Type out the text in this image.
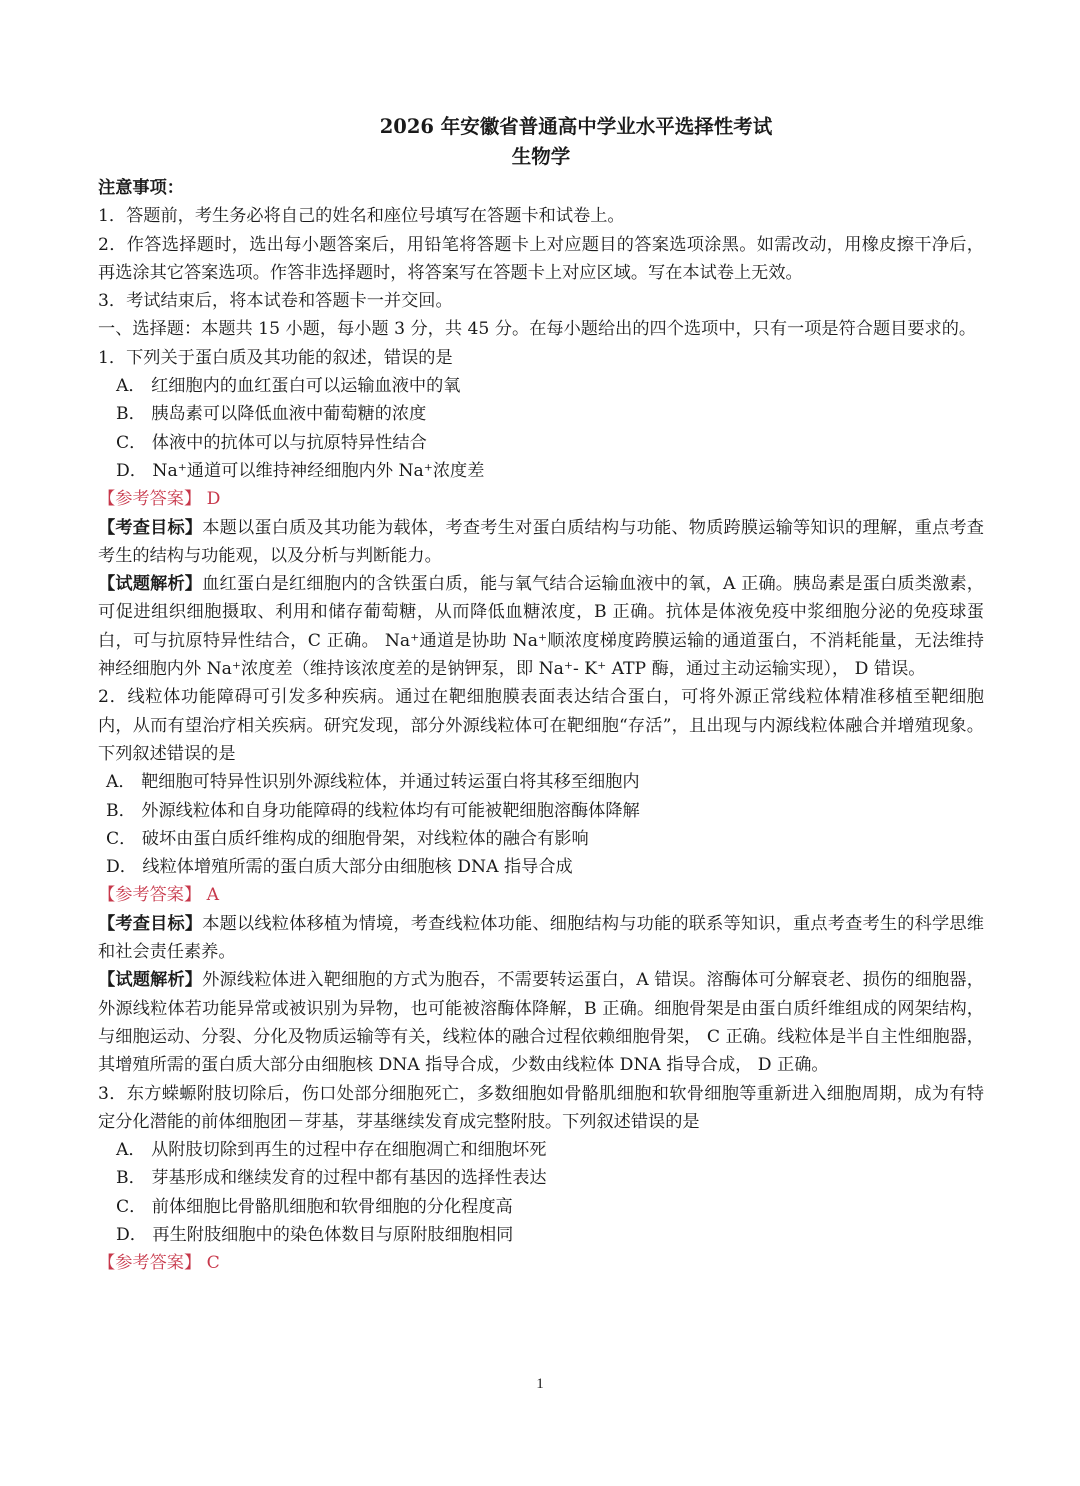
2026 年安徽省普通高中学业水平选择性考试

生物学

注意事项：

1．答题前，考生务必将自己的姓名和座位号填写在答题卡和试卷上。

2．作答选择题时，选出每小题答案后，用铅笔将答题卡上对应题目的答案选项涂黑。如需改动，用橡皮擦干净后，再选涂其它答案选项。作答非选择题时，将答案写在答题卡上对应区域。写在本试卷上无效。

3．考试结束后，将本试卷和答题卡一并交回。

一、选择题：本题共 15 小题，每小题 3 分，共 45 分。在每小题给出的四个选项中，只有一项是符合题目要求的。

1．下列关于蛋白质及其功能的叙述，错误的是

A． 红细胞内的血红蛋白可以运输血液中的氧

B． 胰岛素可以降低血液中葡萄糖的浓度

C． 体液中的抗体可以与抗原特异性结合

D． Na⁺通道可以维持神经细胞内外 Na⁺浓度差

【参考答案】 D

【考查目标】本题以蛋白质及其功能为载体，考查考生对蛋白质结构与功能、物质跨膜运输等知识的理解，重点考查考生的结构与功能观，以及分析与判断能力。

【试题解析】血红蛋白是红细胞内的含铁蛋白质，能与氧气结合运输血液中的氧，A 正确。胰岛素是蛋白质类激素，可促进组织细胞摄取、利用和储存葡萄糖，从而降低血糖浓度，B 正确。抗体是体液免疫中浆细胞分泌的免疫球蛋白，可与抗原特异性结合，C 正确。 Na⁺通道是协助 Na⁺顺浓度梯度跨膜运输的通道蛋白，不消耗能量，无法维持神经细胞内外 Na⁺浓度差（维持该浓度差的是钠钾泵，即 Na⁺- K⁺ ATP 酶，通过主动运输实现）， D 错误。

2．线粒体功能障碍可引发多种疾病。通过在靶细胞膜表面表达结合蛋白，可将外源正常线粒体精准移植至靶细胞内，从而有望治疗相关疾病。研究发现，部分外源线粒体可在靶细胞“存活”，且出现与内源线粒体融合并增殖现象。下列叙述错误的是

A． 靶细胞可特异性识别外源线粒体，并通过转运蛋白将其移至细胞内

B． 外源线粒体和自身功能障碍的线粒体均有可能被靶细胞溶酶体降解

C． 破坏由蛋白质纤维构成的细胞骨架，对线粒体的融合有影响

D． 线粒体增殖所需的蛋白质大部分由细胞核 DNA 指导合成

【参考答案】 A

【考查目标】本题以线粒体移植为情境，考查线粒体功能、细胞结构与功能的联系等知识，重点考查考生的科学思维和社会责任素养。

【试题解析】外源线粒体进入靶细胞的方式为胞吞，不需要转运蛋白，A 错误。溶酶体可分解衰老、损伤的细胞器，外源线粒体若功能异常或被识别为异物，也可能被溶酶体降解，B 正确。细胞骨架是由蛋白质纤维组成的网架结构，与细胞运动、分裂、分化及物质运输等有关，线粒体的融合过程依赖细胞骨架， C 正确。线粒体是半自主性细胞器，其增殖所需的蛋白质大部分由细胞核 DNA 指导合成，少数由线粒体 DNA 指导合成， D 正确。

3．东方蝾螈附肢切除后，伤口处部分细胞死亡，多数细胞如骨骼肌细胞和软骨细胞等重新进入细胞周期，成为有特定分化潜能的前体细胞团－芽基，芽基继续发育成完整附肢。下列叙述错误的是

A． 从附肢切除到再生的过程中存在细胞凋亡和细胞坏死

B． 芽基形成和继续发育的过程中都有基因的选择性表达

C． 前体细胞比骨骼肌细胞和软骨细胞的分化程度高

D． 再生附肢细胞中的染色体数目与原附肢细胞相同

【参考答案】 C

1
